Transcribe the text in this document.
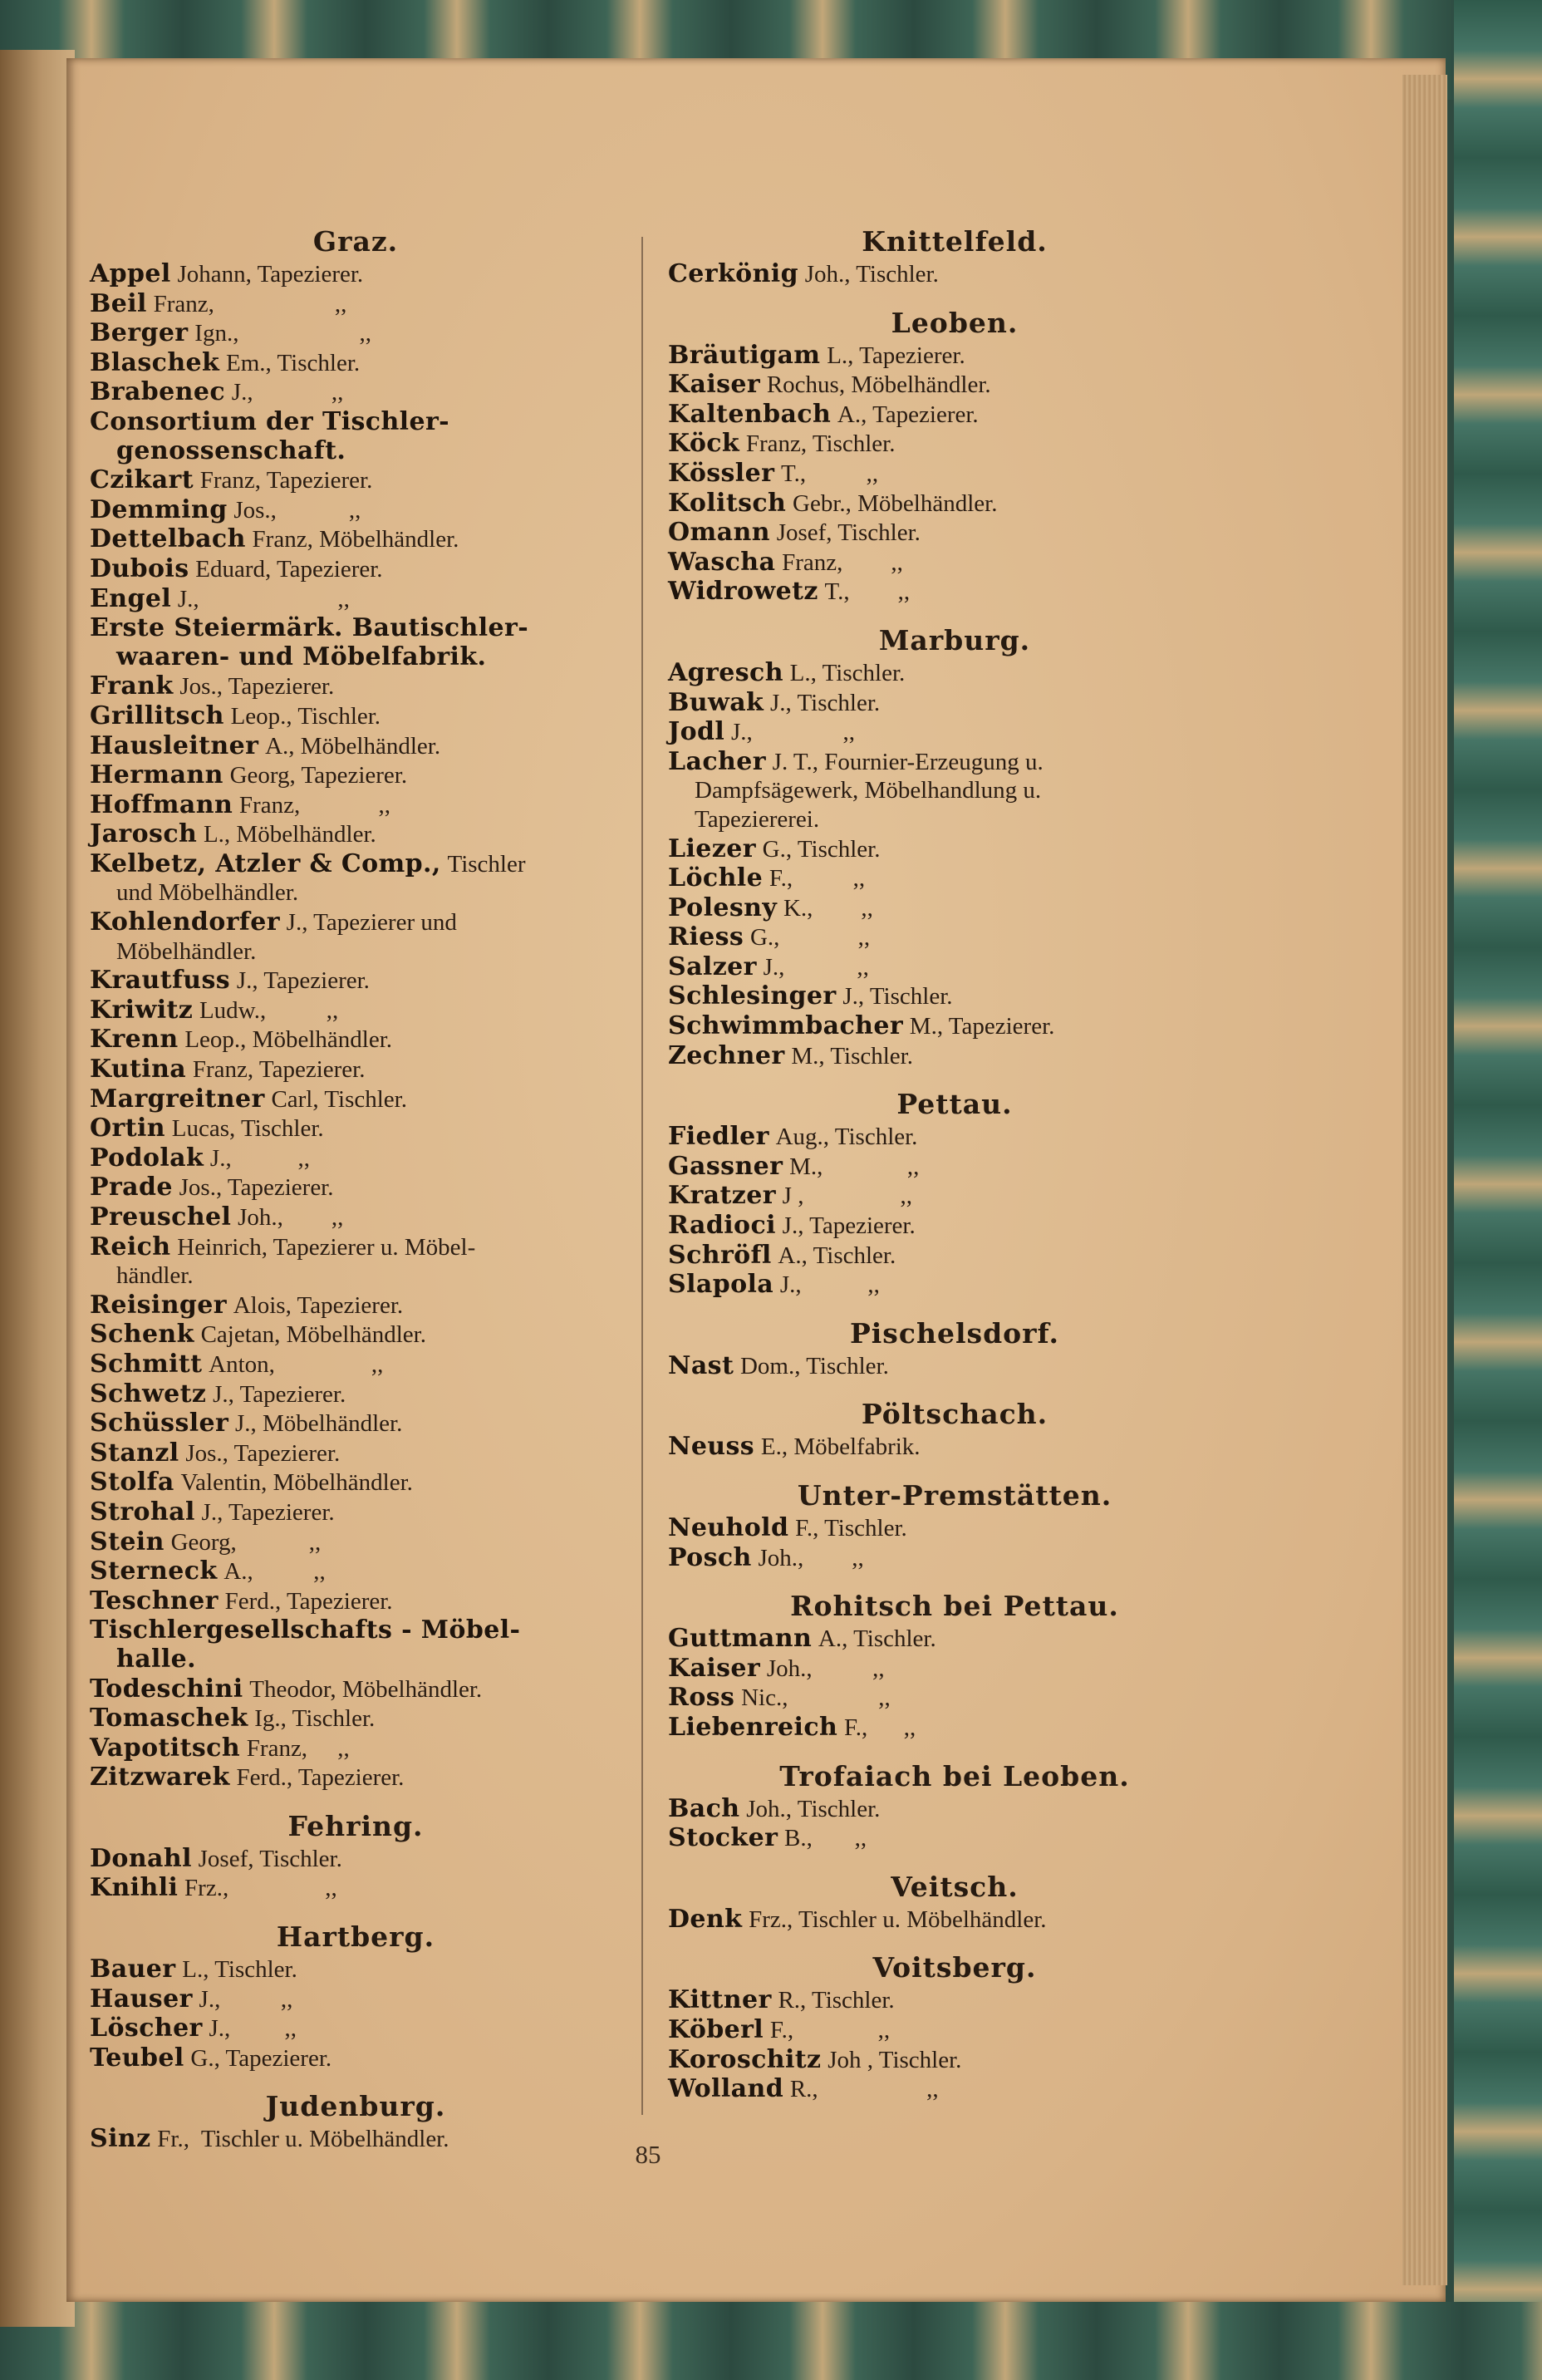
Graz.
Appel Johann, Tapezierer.
Beil Franz,                    ,,
Berger Ign.,                    ,,
Blaschek Em., Tischler.
Brabenec J.,             ,,
Consortium der Tischler-
genossenschaft.
Czikart Franz, Tapezierer.
Demming Jos.,            ,,
Dettelbach Franz, Möbelhändler.
Dubois Eduard, Tapezierer.
Engel J.,                       ,,
Erste Steiermärk. Bautischler-
waaren- und Möbelfabrik.
Frank Jos., Tapezierer.
Grillitsch Leop., Tischler.
Hausleitner A., Möbelhändler.
Hermann Georg, Tapezierer.
Hoffmann Franz,             ,,
Jarosch L., Möbelhändler.
Kelbetz, Atzler & Comp., Tischler
und Möbelhändler.
Kohlendorfer J., Tapezierer und
Möbelhändler.
Krautfuss J., Tapezierer.
Kriwitz Ludw.,          ,,
Krenn Leop., Möbelhändler.
Kutina Franz, Tapezierer.
Margreitner Carl, Tischler.
Ortin Lucas, Tischler.
Podolak J.,           ,,
Prade Jos., Tapezierer.
Preuschel Joh.,        ,,
Reich Heinrich, Tapezierer u. Möbel-
händler.
Reisinger Alois, Tapezierer.
Schenk Cajetan, Möbelhändler.
Schmitt Anton,                ,,
Schwetz J., Tapezierer.
Schüssler J., Möbelhändler.
Stanzl Jos., Tapezierer.
Stolfa Valentin, Möbelhändler.
Strohal J., Tapezierer.
Stein Georg,            ,,
Sterneck A.,          ,,
Teschner Ferd., Tapezierer.
Tischlergesellschafts - Möbel-
halle.
Todeschini Theodor, Möbelhändler.
Tomaschek Ig., Tischler.
Vapotitsch Franz,     ,,
Zitzwarek Ferd., Tapezierer.
Fehring.
Donahl Josef, Tischler.
Knihli Frz.,                ,,
Hartberg.
Bauer L., Tischler.
Hauser J.,          ,,
Löscher J.,         ,,
Teubel G., Tapezierer.
Judenburg.
Sinz Fr.,  Tischler u. Möbelhändler.
Knittelfeld.
Cerkönig Joh., Tischler.
Leoben.
Bräutigam L., Tapezierer.
Kaiser Rochus, Möbelhändler.
Kaltenbach A., Tapezierer.
Köck Franz, Tischler.
Kössler T.,          ,,
Kolitsch Gebr., Möbelhändler.
Omann Josef, Tischler.
Wascha Franz,        ,,
Widrowetz T.,        ,,
Marburg.
Agresch L., Tischler.
Buwak J., Tischler.
Jodl J.,               ,,
Lacher J. T., Fournier-Erzeugung u.
Dampfsägewerk, Möbelhandlung u.
Tapeziererei.
Liezer G., Tischler.
Löchle F.,          ,,
Polesny K.,        ,,
Riess G.,             ,,
Salzer J.,            ,,
Schlesinger J., Tischler.
Schwimmbacher M., Tapezierer.
Zechner M., Tischler.
Pettau.
Fiedler Aug., Tischler.
Gassner M.,              ,,
Kratzer J ,                ,,
Radioci J., Tapezierer.
Schröfl A., Tischler.
Slapola J.,           ,,
Pischelsdorf.
Nast Dom., Tischler.
Pöltschach.
Neuss E., Möbelfabrik.
Unter-Premstätten.
Neuhold F., Tischler.
Posch Joh.,        ,,
Rohitsch bei Pettau.
Guttmann A., Tischler.
Kaiser Joh.,          ,,
Ross Nic.,               ,,
Liebenreich F.,      ,,
Trofaiach bei Leoben.
Bach Joh., Tischler.
Stocker B.,       ,,
Veitsch.
Denk Frz., Tischler u. Möbelhändler.
Voitsberg.
Kittner R., Tischler.
Köberl F.,              ,,
Koroschitz Joh , Tischler.
Wolland R.,                  ,,
85
